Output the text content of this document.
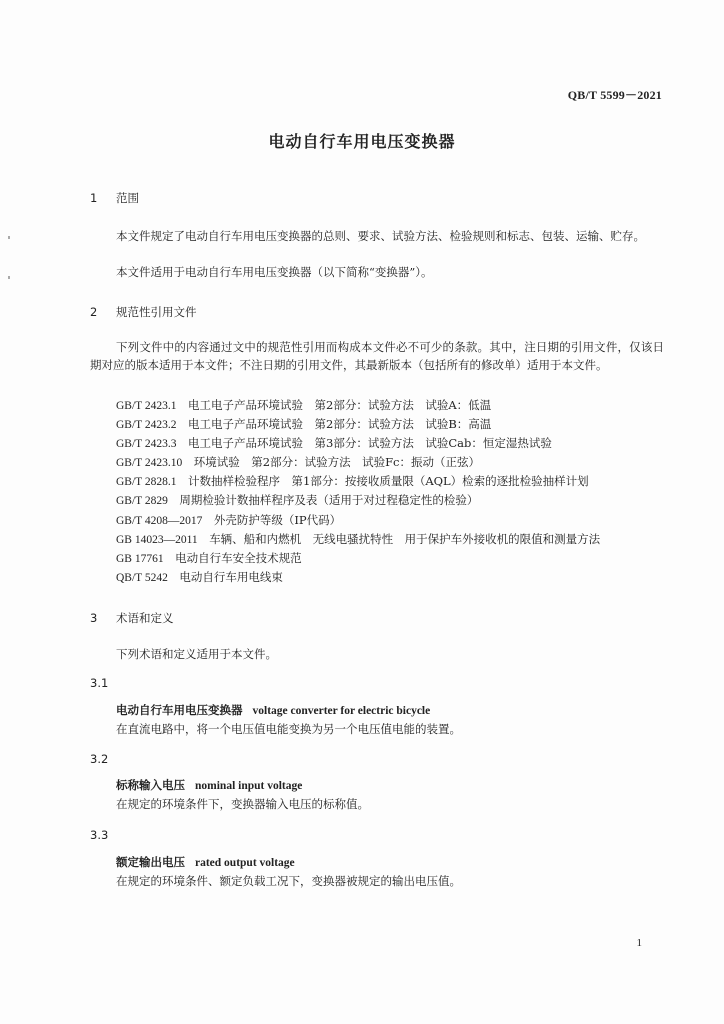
QB/T 5599－2021
电动自行车用电压变换器
1 范围

本文件规定了电动自行车用电压变换器的总则、要求、试验方法、检验规则和标志、包装、运输、贮存。

本文件适用于电动自行车用电压变换器（以下简称“变换器”）。

2 规范性引用文件

下列文件中的内容通过文中的规范性引用而构成本文件必不可少的条款。其中，注日期的引用文件，仅该日期对应的版本适用于本文件；不注日期的引用文件，其最新版本（包括所有的修改单）适用于本文件。

GB/T 2423.1　 电工电子产品环境试验　第2部分：试验方法　试验A：低温
GB/T 2423.2　 电工电子产品环境试验　第2部分：试验方法　试验B：高温
GB/T 2423.3　 电工电子产品环境试验　第3部分：试验方法　试验Cab：恒定湿热试验
GB/T 2423.10　 环境试验　第2部分：试验方法　试验Fc：振动（正弦）
GB/T 2828.1　 计数抽样检验程序　第1部分：按接收质量限（AQL）检索的逐批检验抽样计划
GB/T 2829　 周期检验计数抽样程序及表（适用于对过程稳定性的检验）
GB/T 4208—2017　 外壳防护等级（IP代码）
GB 14023—2011　 车辆、船和内燃机　无线电骚扰特性　用于保护车外接收机的限值和测量方法
GB 17761　 电动自行车安全技术规范
QB/T 5242　 电动自行车用电线束
3 术语和定义

下列术语和定义适用于本文件。

3.1
电动自行车用电压变换器 voltage converter for electric bicycle
在直流电路中，将一个电压值电能变换为另一个电压值电能的装置。
3.2
标称输入电压 nominal input voltage
在规定的环境条件下，变换器输入电压的标称值。
3.3
额定输出电压 rated output voltage
在规定的环境条件、额定负载工况下，变换器被规定的输出电压值。
1
